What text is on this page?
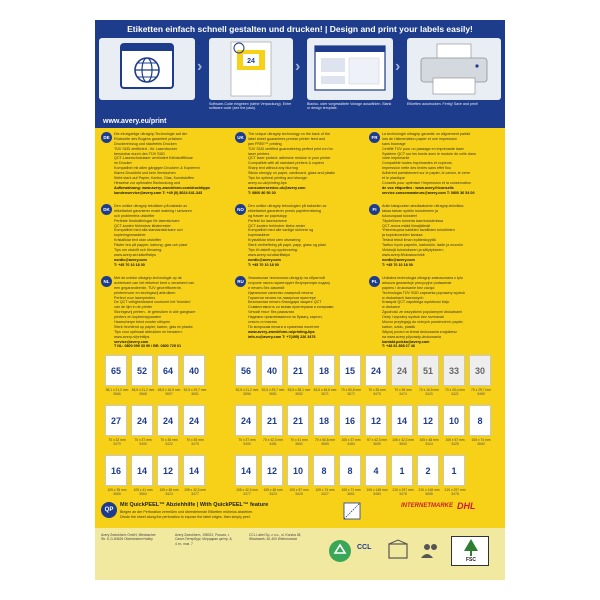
Etiketten einfach schnell gestalten und drucken! | Design and print your labels easily!
www.avery.eu/print
›	24
Software-Code eingeben (siehe Verpackung). Enter software code (see the pack).
›
Blanko- oder vorgestaltete Vorlage auswählen. Blank or design template.
›
Etiketten ausdrucken. Fertig! Save and print!
DE
Die einzigartige ultragrip-Technologie auf der
Rückseite des Bogens garantiert präzisen
Druckereinzug und staufreies Drucken
TÜV SÜD zertifiziert - für Laserdrucker
benutzbar durch den TÜV SÜD
QCT-Laserschutzlaser verhindert Klebstoffflüsse
im Drucker
Kompatibel mit allen gängigen Druckern & Kopierern
Klares Druckbild und kein Verwischen
Klebt stark auf Papier, Karton, Glas, Kunststoffen
Hinweise zur optimalen Bedruckung und
Aufbewahrung: www.avery-zweckform.com/drucktipps
kundenservice@avery.com T: +49 (0) 8024 641-343
UK
The unique ultragrip technology on the back of the
label sheet guarantees precise printer feed and
jam FREE™ printing
TÜV SÜD certified guaranteeing perfect print run for
laser printers
QCT laser protect: adhesive residue in your printer
Compatible with all standard printers & copiers
Sharp text without any blurring
Sticks strongly on paper, cardboard, glass and plastic
Tips for optimal printing and storage:
avery.co.uk/printing-tips
consumerservice-uk@avery.com
T: 0800 80 50 20
FR
La technologie ultragrip garantie un alignement parfait
lors de l'alimentation papier et une impression
sans bourrage
Certifié TÜV pour un passage en imprimante laser
Système QCT sur les bords avec le module de colle dans
votre imprimante
Compatible toutes imprimantes et copieurs
Impression nette des textes sans effet flou
Adhèrent parfaitement sur le papier, le carton, le verre
et le plastique
Conseils pour optimiser l'impression et la conservation
de vos étiquettes : www.avery.fr/conseils
service.consommateurs@avery.com T: 0800 36 54 00
DK
Den unikke ultragrip teknikken på bakside av
etikettarket garanterer exakt matning i skrivaren
och problemfria utskrifter
Perfekte förutsättningar för laserskrivare
QCT-kanten förhindrar klisterrester
Kompatibel med alla standardskrivare och
kopieringsmaskiner
Kristallklar text utan utskrifter
Fäster bra på papper, kartong, glas och plast
Tips om utskrift och förvaring:
www.avery.se/utskriftstips
nordic@avery.com
T: +45 70 10 18 00
NO
Den unikke ultragrip teknologien på baksiden av
etikettarket garanterer presis papirfremføring
og fravær av papirstopp
Perfekt for laserskrivere
QCT-kanten forhindrer klebe-rester
Kompatibel med alle vanlige skrivere og
kopimaskiner
Krystallklar tekst uten utsmøring
Sterk vedheftning på papir, papp, glass og plast
Tips til utskrift og oppbevaring:
www.avery.no/utskriftstips
nordic@avery.com
T: +45 70 10 18 00
FI
Arkin takapuolen ainutlaatuinen ultragrip-tekniikka
takaa tarkan syötön tulostimeen ja
tukosvapaat tulosteet
Täydellinen toiminta lasertulostimissa
QCT-reuna estää liimajäämät
Yhteensopiva kaikkien tavallisten tulostimien
ja kopiokoneiden kanssa
Terävä teksti ilman epäterävyyttä
Tarttuu hyvin paperiin, kartonkiin, lasiin ja muoviin
Vinkkejä tulostukseen ja säilytykseen:
www.avery.fi/tulostusvinkit
nordic@avery.com
T: +45 70 10 18 00
NL
Met de unieke ultragrip-technologie op de
achterkant van het etiketvel bent u verzekerd van
een gegarandeerde, TÜV gecertificeerde,
printerinvoer en storingsvrij afdrukken
Perfect voor laserprinters
De QCT veiligheidsrand voorkomt het 'bloeden'
van de lijm in de printer
Storingsvrij printen - te gebruiken in alle gangbare
printers en kopieerapparaten
Haarscherpe tekst zonder uitlopen
Sterk hechtend op papier, karton, glas en plastic
Tips voor optimaal afdrukken en bewaren:
www.avery.nl/printtips
service@avery.com
T NL: 0800 099 33 90 / BE: 0800 725 01
RU
Уникальная технология ultragrip на обратной
стороне листа гарантирует безупречную подачу
и печать без замятий
Идеальное качество лазерной печати
Гарантия печати на лазерном принтере
Безопасная печать благодаря защите QCT
Совместимость со всеми принтерами и копирами
Четкий текст без размытия
Надежно приклеиваются на бумагу, картон,
стекло и пластик
По вопросам печати и хранения посетите
www.avery-zweckform.ru/printing-tips
info-ru@avery.com T: +7(495) 226 3476
PL
Unikalna technologia ultragrip zastosowana z tyłu
arkusza gwarantuje precyzyjne podawanie
papieru i drukowanie bez zacięć
Technologia TÜV SÜD zapewnia poprawny wydruk
w drukarkach laserowych
Krawędź QCT zapobiega wyciekowi kleju
w drukarce
Zgodność ze wszystkimi popularnymi drukarkami
Ostry i wyraźny wydruk bez rozmazań
Mocno przylegają do różnych powierzchni: papier,
karton, szkło, plastik
Więcej porad na temat drukowania znajdziesz
na www.avery.pl/porady-drukowania
kontakt.polska@avery.com
T: +48 81 898 27 46
65
38,1 x 21,2 mm
3666
52
48,5 x 21,2 mm
3668
64
48,5 x 16,9 mm
3657
40
52,5 x 29,7 mm
3651
56
52,5 x 21,2 mm
3656
40
52,5 x 29,7 mm
3651
21
63,5 x 38,1 mm
3652
18
63,5 x 46,6 mm
3671
15
70 x 50,8 mm
3672
24
70 x 35 mm
3475
24
70 x 36 mm
3474
51
70 x 16,9 mm
3420
33
70 x 25,4 mm
3421
30
70 x 29,7 mm
3489
27
70 x 32 mm
3479
24
70 x 37 mm
3490
24
70 x 36 mm
3422
24
70 x 35 mm
3475
24
70 x 37 mm
3490
21
70 x 42,3 mm
3481
21
70 x 41 mm
3652
18
70 x 50,8 mm
3669
16
105 x 37 mm
3484
12
97 x 42,3 mm
3659
14
105 x 42,3 mm
3653
12
105 x 48 mm
3424
10
105 x 57 mm
3425
8
105 x 74 mm
3660
16
105 x 35 mm
3665
14
105 x 41 mm
3664
12
105 x 48 mm
3424
14
105 x 42,3 mm
3477
14
105 x 42,3 mm
3477
12
105 x 48 mm
3424
10
105 x 57 mm
3425
8
105 x 74 mm
3427
8
105 x 71 mm
3661
4
105 x 148 mm
3483
1
210 x 297 mm
3478
2
210 x 148 mm
3655
1
210 x 297 mm
3478
QP
Mit QuickPEEL™ Abziehhilfe | With QuickPEEL™ feature
Biegen an der Perforation zerreißen und überstehende Etiketten mühelos abziehen.
Divide the sheet along the perforation to expose the label edges, then simply peel.
INTERNETMARKE DHL
Avery Zweckform GmbH, Miesbacher Str. 5, D-83626 Oberlaindern/Valley
Avery Zweckform, 198021, Россия, г. Санкт-Петербург, Меридиан центр, 8, 4 эт., пом. 7
CCL Label Sp. z o.o., ul. Korska 28, Włocławek, 62-400 Wielomowice
CCL
FSC
